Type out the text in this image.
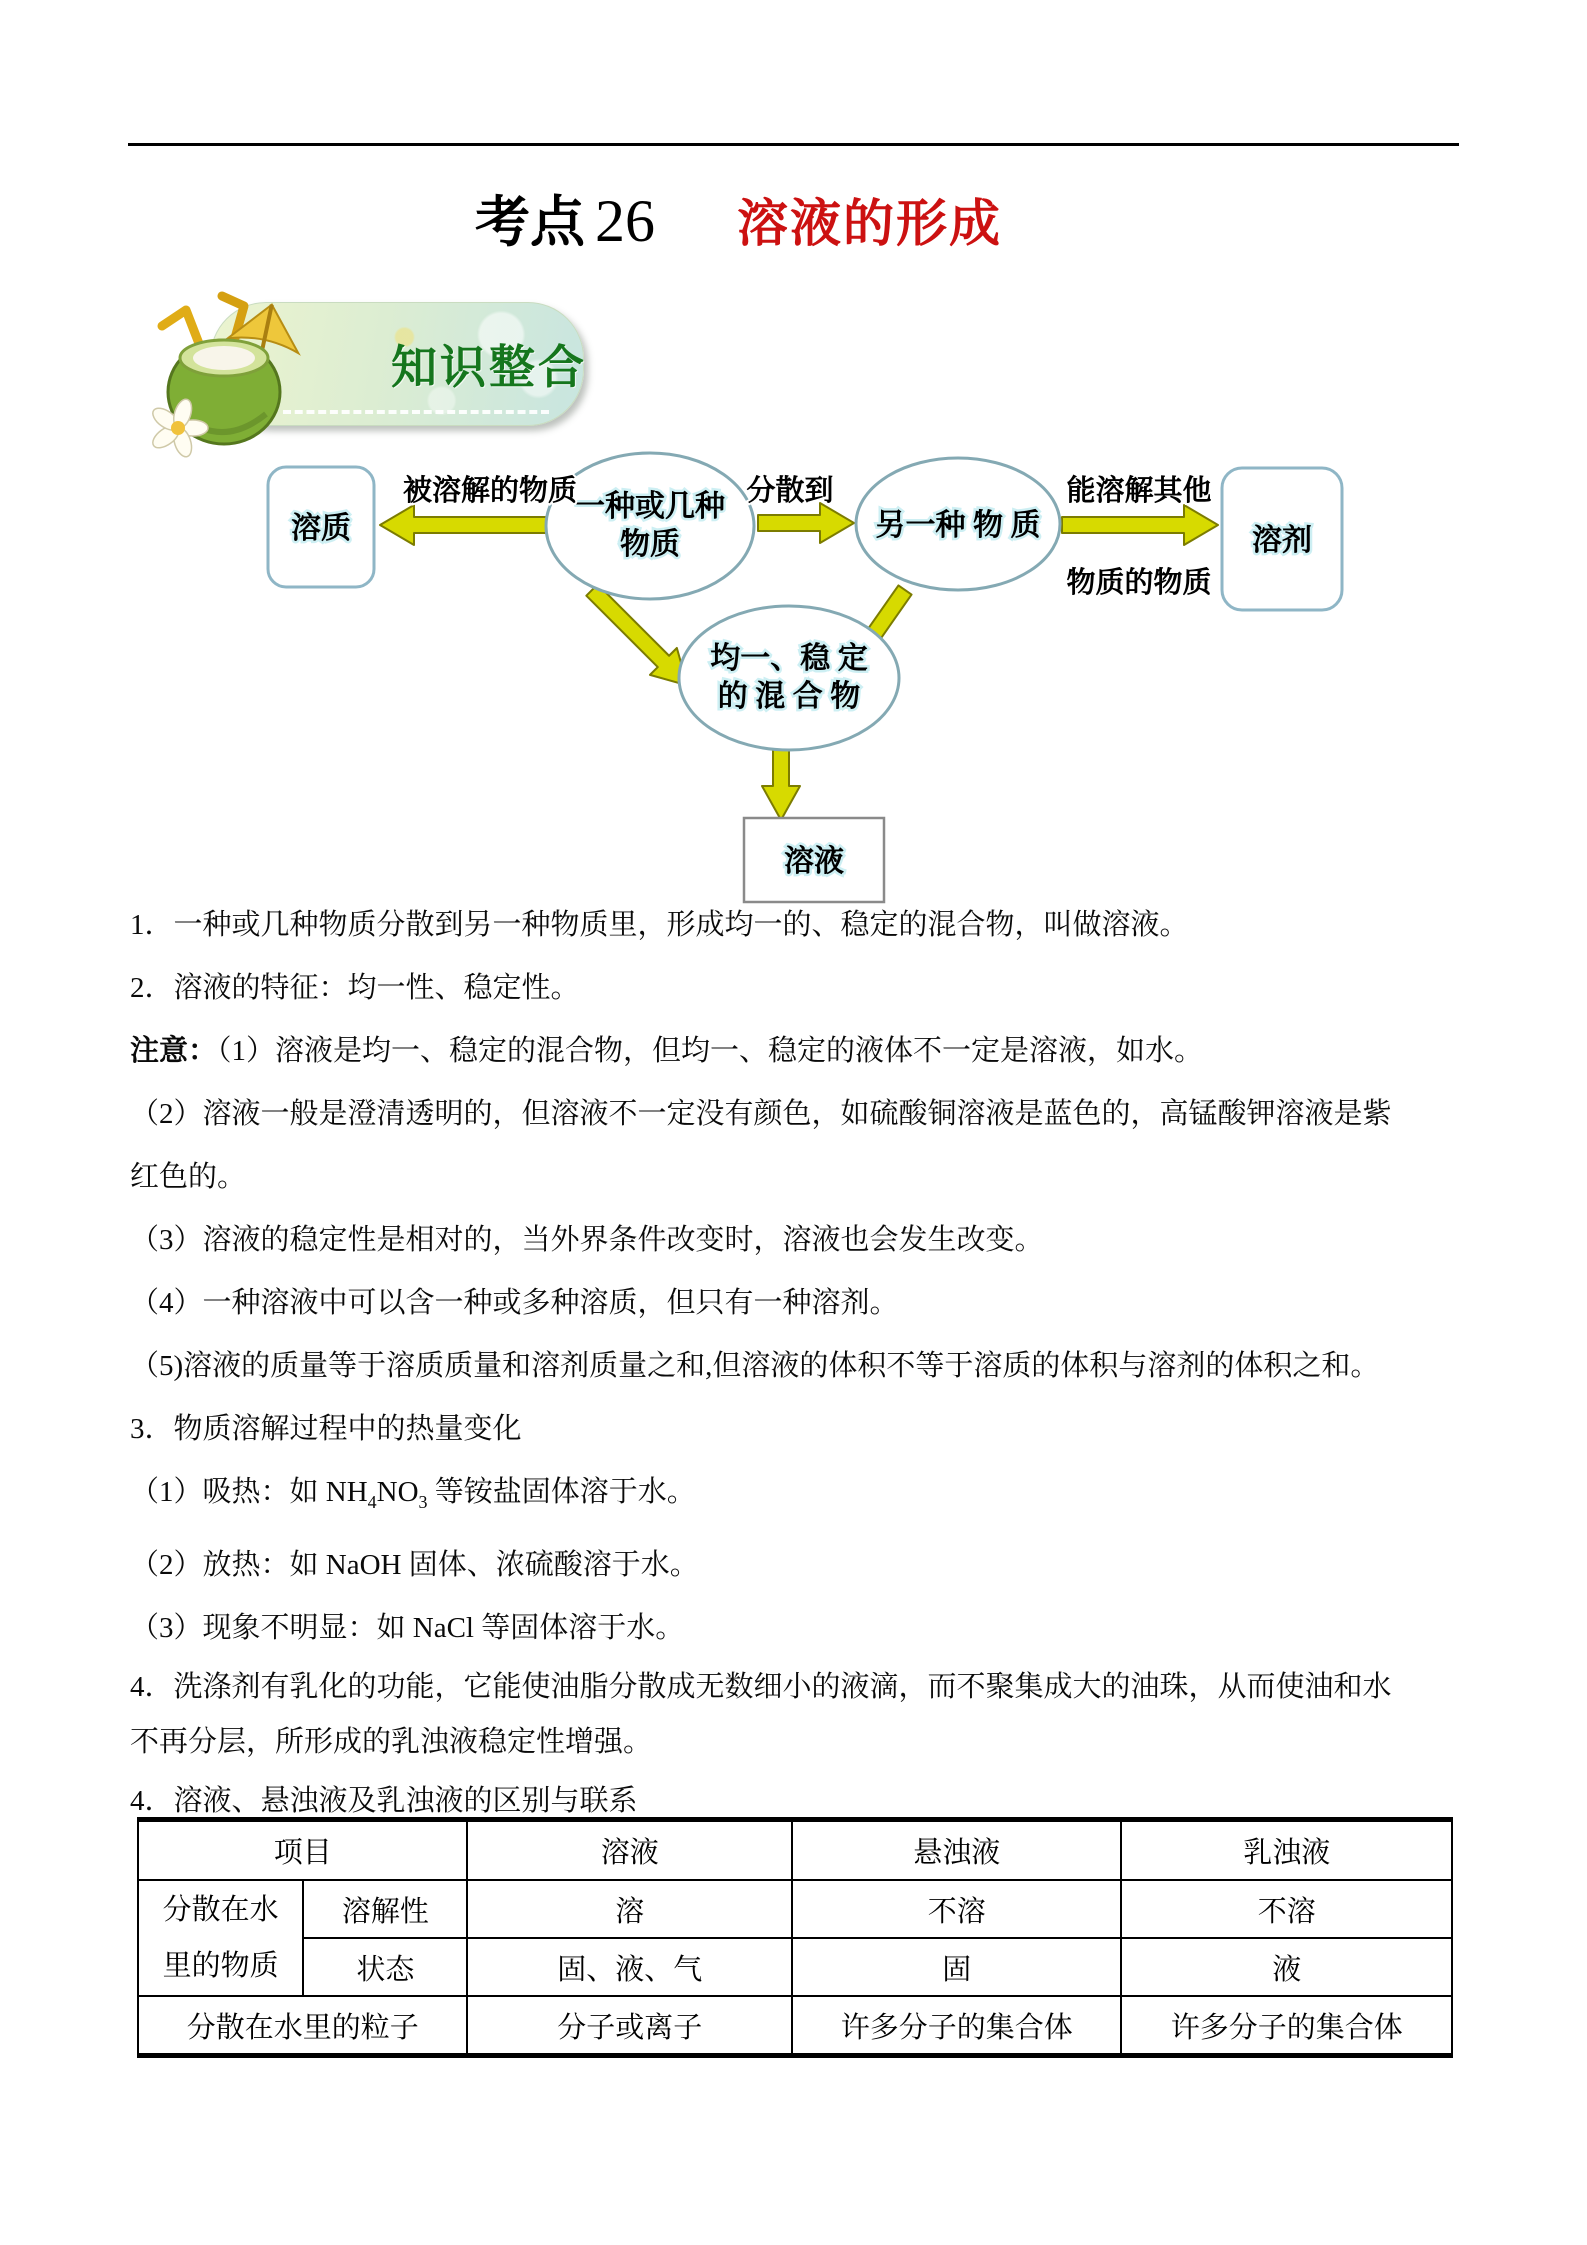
考点 26 溶液的形成
知识整合
溶质
一种或几种
物质
另一种 物 质	溶剂
均一、稳 定
的 混 合 物
溶液
被溶解的物质	分散到	能溶解其他
物质的物质
1．一种或几种物质分散到另一种物质里，形成均一的、稳定的混合物，叫做溶液。
2．溶液的特征：均一性、稳定性。
注意：（1）溶液是均一、稳定的混合物，但均一、稳定的液体不一定是溶液，如水。
（2）溶液一般是澄清透明的，但溶液不一定没有颜色，如硫酸铜溶液是蓝色的，高锰酸钾溶液是紫
红色的。
（3）溶液的稳定性是相对的，当外界条件改变时，溶液也会发生改变。
（4）一种溶液中可以含一种或多种溶质，但只有一种溶剂。
（5)溶液的质量等于溶质质量和溶剂质量之和,但溶液的体积不等于溶质的体积与溶剂的体积之和。
3．物质溶解过程中的热量变化
（1）吸热：如 $NH_4NO_3$ 等铵盐固体溶于水。
（2）放热：如 NaOH 固体、浓硫酸溶于水。
（3）现象不明显：如 NaCl 等固体溶于水。
4．洗涤剂有乳化的功能，它能使油脂分散成无数细小的液滴，而不聚集成大的油珠，从而使油和水
不再分层，所形成的乳浊液稳定性增强。
4．溶液、悬浊液及乳浊液的区别与联系
项目		溶液	悬浊液	乳浊液
分散在水里的物质	溶解性	溶	不溶	不溶
	状态	固、液、气	固	液
分散在水里的粒子		分子或离子	许多分子的集合体	许多分子的集合体
